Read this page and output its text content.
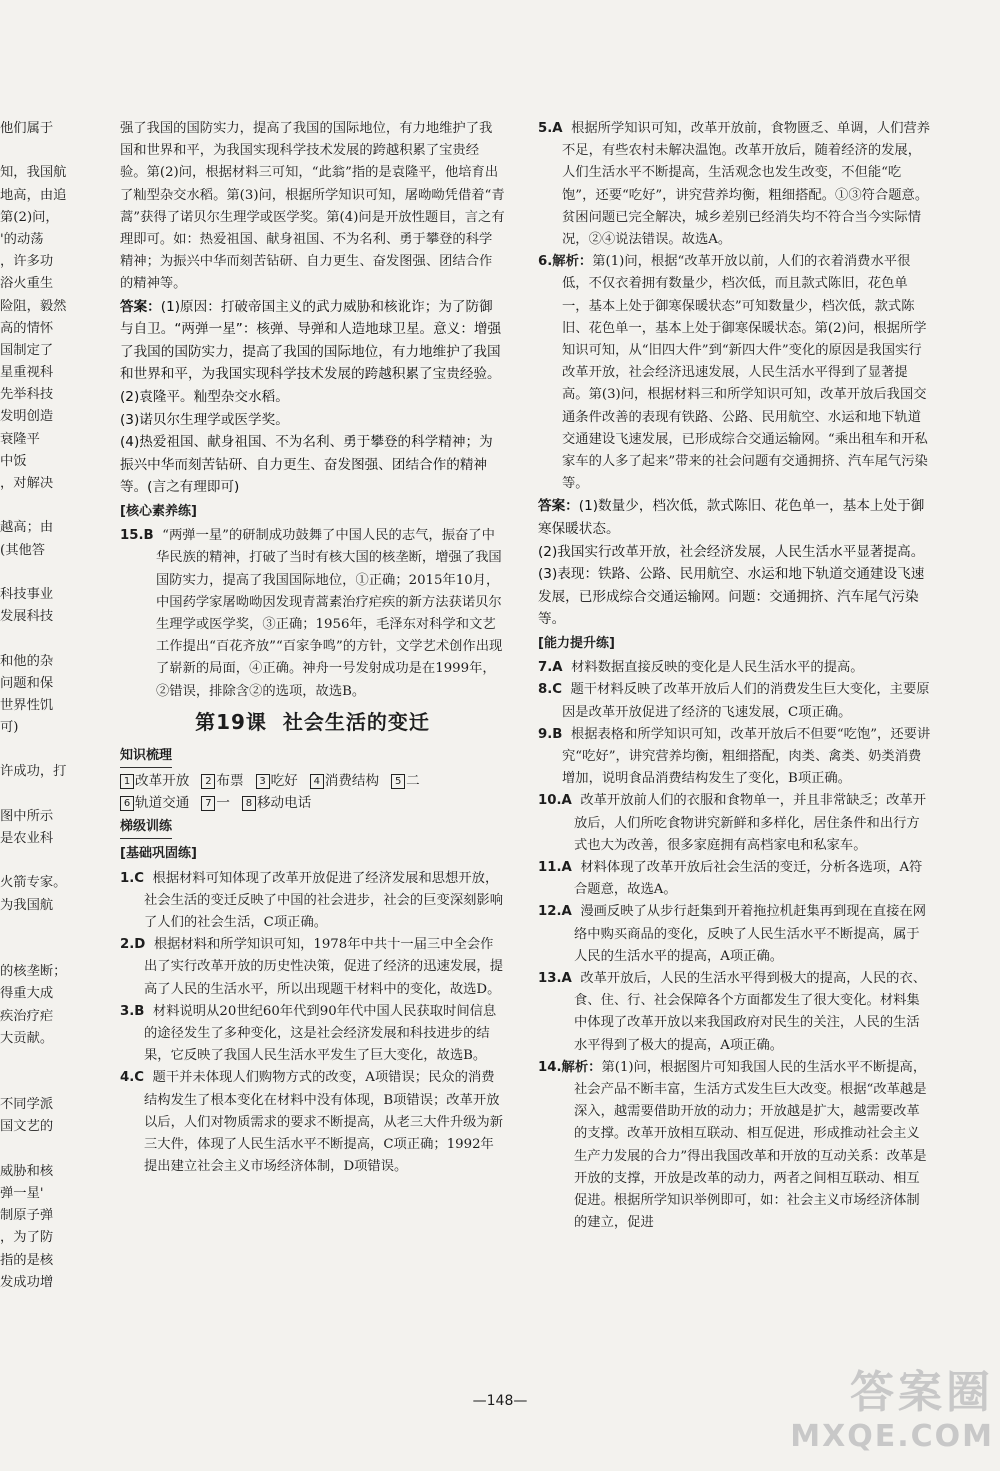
他们属于
知，我国航
地高，由追
第(2)问，
'的动荡
，许多功
浴火重生
险阻，毅然
高的情怀
国制定了
星重视科
先举科技
发明创造
衰隆平
中饭
，对解决
越高；由
(其他答
科技事业
发展科技
和他的杂
问题和保
世界性饥
可)
许成功，打
图中所示
是农业科
火箭专家。
为我国航
的核垄断；
得重大成
疾治疗疟
大贡献。
不同学派
国文艺的
威胁和核
弹一星'
制原子弹
，为了防
指的是核
发成功增

强了我国的国防实力，提高了我国的国际地位，有力地维护了我国和世界和平，为我国实现科学技术发展的跨越积累了宝贵经验。第(2)问，根据材料三可知，“此翁”指的是袁隆平，他培育出了籼型杂交水稻。第(3)问，根据所学知识可知，屠呦呦凭借着“青蒿”获得了诺贝尔生理学或医学奖。第(4)问是开放性题目，言之有理即可。如：热爱祖国、献身祖国、不为名利、勇于攀登的科学精神；为振兴中华而刻苦钻研、自力更生、奋发图强、团结合作的精神等。

答案：(1)原因：打破帝国主义的武力威胁和核讹诈；为了防御与自卫。“两弹一星”：核弹、导弹和人造地球卫星。意义：增强了我国的国防实力，提高了我国的国际地位，有力地维护了我国和世界和平，为我国实现科学技术发展的跨越积累了宝贵经验。

(2)袁隆平。籼型杂交水稻。

(3)诺贝尔生理学或医学奖。

(4)热爱祖国、献身祖国、不为名利、勇于攀登的科学精神；为振兴中华而刻苦钻研、自力更生、奋发图强、团结合作的精神等。(言之有理即可)

[核心素养练]

15.B “两弹一星”的研制成功鼓舞了中国人民的志气，振奋了中华民族的精神，打破了当时有核大国的核垄断，增强了我国国防实力，提高了我国国际地位，①正确；2015年10月，中国药学家屠呦呦因发现青蒿素治疗疟疾的新方法获诺贝尔生理学或医学奖，③正确；1956年，毛泽东对科学和文艺工作提出“百花齐放”“百家争鸣”的方针，文学艺术创作出现了崭新的局面，④正确。神舟一号发射成功是在1999年，②错误，排除含②的选项，故选B。

第19课 社会生活的变迁
知识梳理
1 改革开放 2 布票 3 吃好 4 消费结构 5 二
6 轨道交通 7 一 8 移动电话
梯级训练
[基础巩固练]

1.C 根据材料可知体现了改革开放促进了经济发展和思想开放，社会生活的变迁反映了中国的社会进步，社会的巨变深刻影响了人们的社会生活，C项正确。

2.D 根据材料和所学知识可知，1978年中共十一届三中全会作出了实行改革开放的历史性决策，促进了经济的迅速发展，提高了人民的生活水平，所以出现题干材料中的变化，故选D。

3.B 材料说明从20世纪60年代到90年代中国人民获取时间信息的途径发生了多种变化，这是社会经济发展和科技进步的结果，它反映了我国人民生活水平发生了巨大变化，故选B。

4.C 题干并未体现人们购物方式的改变，A项错误；民众的消费结构发生了根本变化在材料中没有体现，B项错误；改革开放以后，人们对物质需求的要求不断提高，从老三大件升级为新三大件，体现了人民生活水平不断提高，C项正确；1992年提出建立社会主义市场经济体制，D项错误。

5.A 根据所学知识可知，改革开放前，食物匮乏、单调，人们营养不足，有些农村未解决温饱。改革开放后，随着经济的发展，人们生活水平不断提高，生活观念也发生改变，不但能“吃饱”，还要“吃好”，讲究营养均衡，粗细搭配。①③符合题意。贫困问题已完全解决，城乡差别已经消失均不符合当今实际情况，②④说法错误。故选A。

6.解析：第(1)问，根据“改革开放以前，人们的衣着消费水平很低，不仅衣着拥有数量少，档次低，而且款式陈旧，花色单一，基本上处于御寒保暖状态”可知数量少，档次低，款式陈旧、花色单一，基本上处于御寒保暖状态。第(2)问，根据所学知识可知，从“旧四大件”到“新四大件”变化的原因是我国实行改革开放，社会经济迅速发展，人民生活水平得到了显著提高。第(3)问，根据材料三和所学知识可知，改革开放后我国交通条件改善的表现有铁路、公路、民用航空、水运和地下轨道交通建设飞速发展，已形成综合交通运输网。“乘出租车和开私家车的人多了起来”带来的社会问题有交通拥挤、汽车尾气污染等。

答案：(1)数量少，档次低，款式陈旧、花色单一，基本上处于御寒保暖状态。

(2)我国实行改革开放，社会经济发展，人民生活水平显著提高。

(3)表现：铁路、公路、民用航空、水运和地下轨道交通建设飞速发展，已形成综合交通运输网。问题：交通拥挤、汽车尾气污染等。

[能力提升练]

7.A 材料数据直接反映的变化是人民生活水平的提高。

8.C 题干材料反映了改革开放后人们的消费发生巨大变化，主要原因是改革开放促进了经济的飞速发展，C项正确。

9.B 根据表格和所学知识可知，改革开放后不但要“吃饱”，还要讲究“吃好”，讲究营养均衡，粗细搭配，肉类、禽类、奶类消费增加，说明食品消费结构发生了变化，B项正确。

10.A 改革开放前人们的衣服和食物单一，并且非常缺乏；改革开放后，人们所吃食物讲究新鲜和多样化，居住条件和出行方式也大为改善，很多家庭拥有高档家电和私家车。

11.A 材料体现了改革开放后社会生活的变迁，分析各选项，A符合题意，故选A。

12.A 漫画反映了从步行赶集到开着拖拉机赶集再到现在直接在网络中购买商品的变化，反映了人民生活水平不断提高，属于人民的生活水平的提高，A项正确。

13.A 改革开放后，人民的生活水平得到极大的提高，人民的衣、食、住、行、社会保障各个方面都发生了很大变化。材料集中体现了改革开放以来我国政府对民生的关注，人民的生活水平得到了极大的提高，A项正确。

14.解析：第(1)问，根据图片可知我国人民的生活水平不断提高，社会产品不断丰富，生活方式发生巨大改变。根据“改革越是深入，越需要借助开放的动力；开放越是扩大，越需要改革的支撑。改革开放相互联动、相互促进，形成推动社会主义生产力发展的合力”得出我国改革和开放的互动关系：改革是开放的支撑，开放是改革的动力，两者之间相互联动、相互促进。根据所学知识举例即可，如：社会主义市场经济体制的建立，促进

—148—	答案圈
MXQE.COM
